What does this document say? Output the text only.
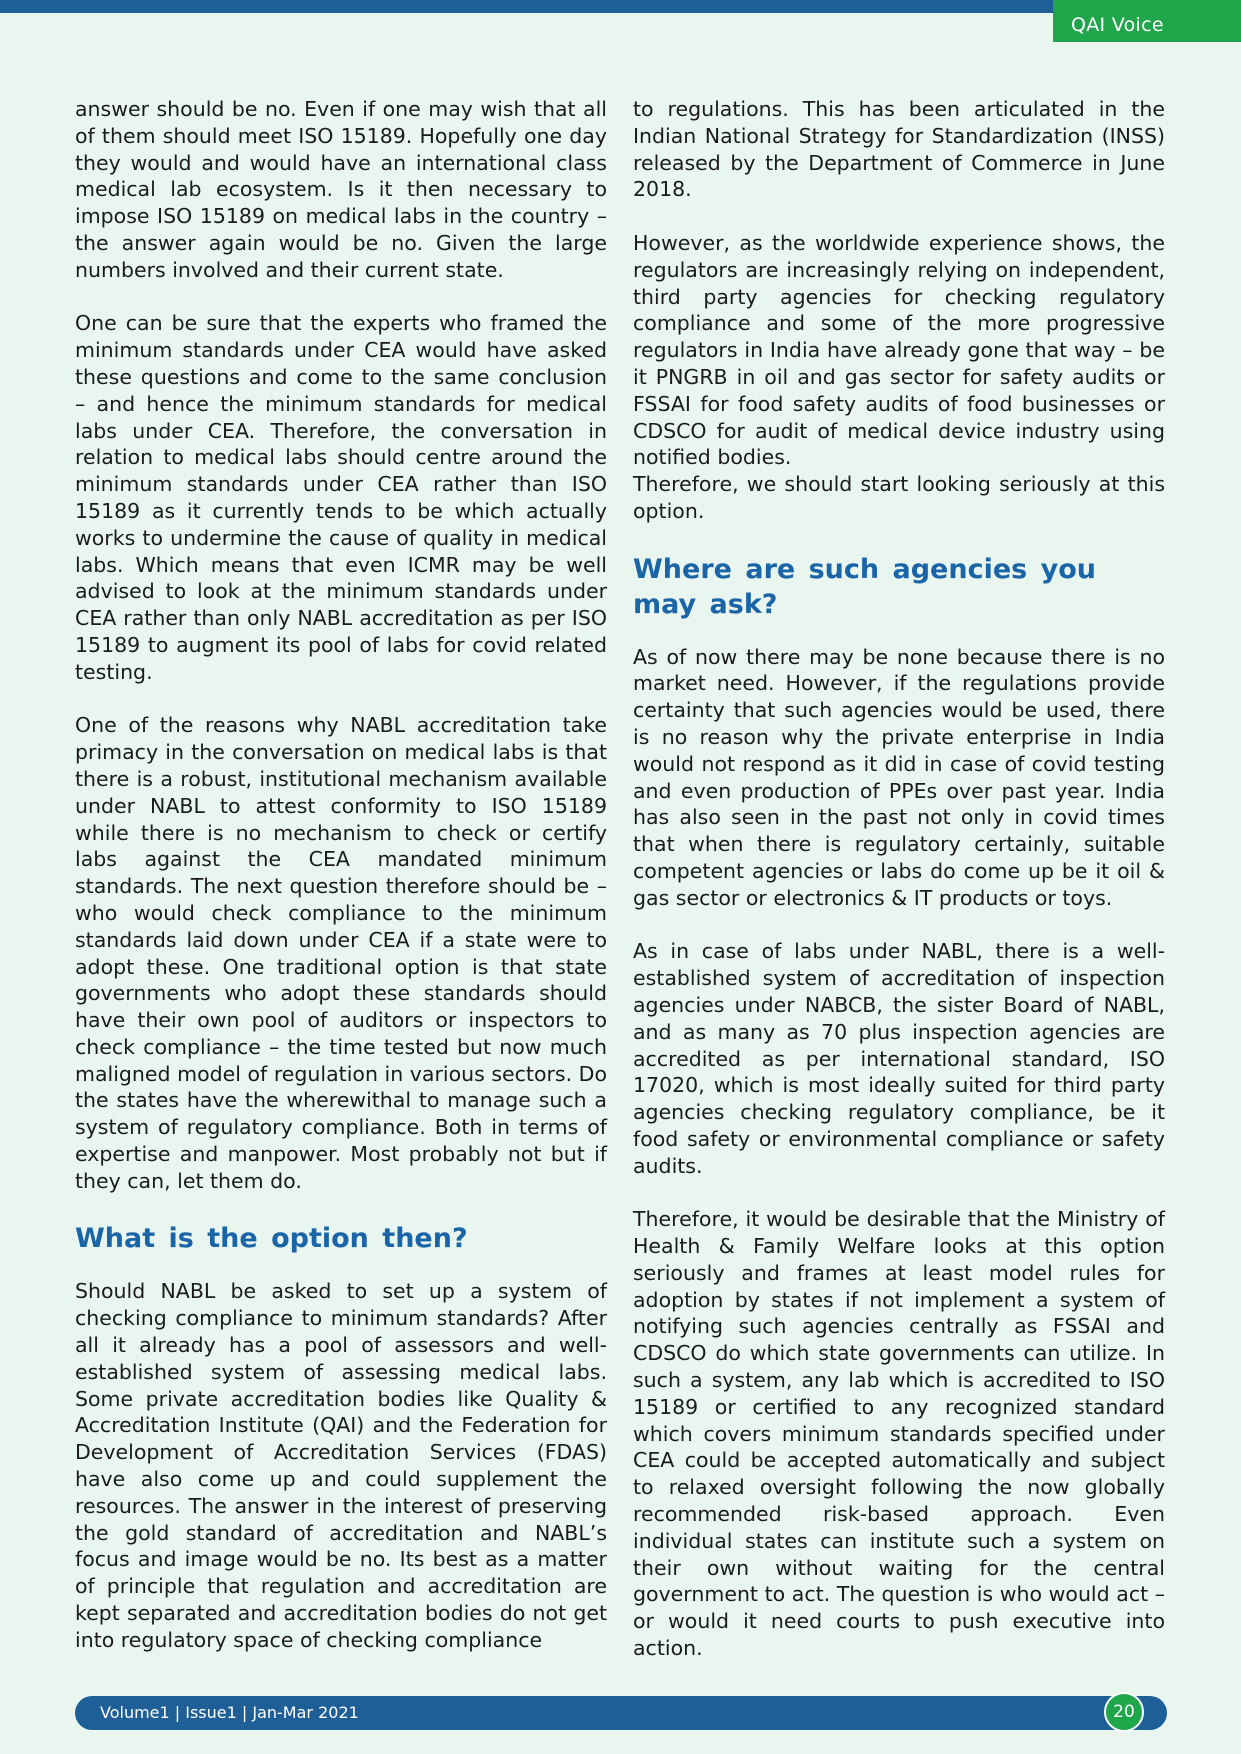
QAI Voice

answer should be no. Even if one may wish that all of them should meet ISO 15189. Hopefully one day they would and would have an international class medical lab ecosystem. Is it then necessary to impose ISO 15189 on medical labs in the country – the answer again would be no. Given the large numbers involved and their current state.

One can be sure that the experts who framed the minimum standards under CEA would have asked these questions and come to the same conclusion – and hence the minimum standards for medical labs under CEA. Therefore, the conversation in relation to medical labs should centre around the minimum standards under CEA rather than ISO 15189 as it currently tends to be which actually works to undermine the cause of quality in medical labs. Which means that even ICMR may be well advised to look at the minimum standards under CEA rather than only NABL accreditation as per ISO 15189 to augment its pool of labs for covid related testing.

One of the reasons why NABL accreditation take primacy in the conversation on medical labs is that there is a robust, institutional mechanism available under NABL to attest conformity to ISO 15189 while there is no mechanism to check or certify labs against the CEA mandated minimum standards. The next question therefore should be – who would check compliance to the minimum standards laid down under CEA if a state were to adopt these. One traditional option is that state governments who adopt these standards should have their own pool of auditors or inspectors to check compliance – the time tested but now much maligned model of regulation in various sectors. Do the states have the wherewithal to manage such a system of regulatory compliance. Both in terms of expertise and manpower. Most probably not but if they can, let them do.

What is the option then?

Should NABL be asked to set up a system of checking compliance to minimum standards? After all it already has a pool of assessors and well-established system of assessing medical labs. Some private accreditation bodies like Quality & Accreditation Institute (QAI) and the Federation for Development of Accreditation Services (FDAS) have also come up and could supplement the resources. The answer in the interest of preserving the gold standard of accreditation and NABL’s focus and image would be no. Its best as a matter of principle that regulation and accreditation are kept separated and accreditation bodies do not get into regulatory space of checking compliance

to regulations. This has been articulated in the Indian National Strategy for Standardization (INSS) released by the Department of Commerce in June 2018.

However, as the worldwide experience shows, the regulators are increasingly relying on independent, third party agencies for checking regulatory compliance and some of the more progressive regulators in India have already gone that way – be it PNGRB in oil and gas sector for safety audits or FSSAI for food safety audits of food businesses or CDSCO for audit of medical device industry using notified bodies.

Therefore, we should start looking seriously at this option.

Where are such agencies you may ask?

As of now there may be none because there is no market need. However, if the regulations provide certainty that such agencies would be used, there is no reason why the private enterprise in India would not respond as it did in case of covid testing and even production of PPEs over past year. India has also seen in the past not only in covid times that when there is regulatory certainly, suitable competent agencies or labs do come up be it oil & gas sector or electronics & IT products or toys.

As in case of labs under NABL, there is a well-established system of accreditation of inspection agencies under NABCB, the sister Board of NABL, and as many as 70 plus inspection agencies are accredited as per international standard, ISO 17020, which is most ideally suited for third party agencies checking regulatory compliance, be it food safety or environmental compliance or safety audits.

Therefore, it would be desirable that the Ministry of Health & Family Welfare looks at this option seriously and frames at least model rules for adoption by states if not implement a system of notifying such agencies centrally as FSSAI and CDSCO do which state governments can utilize. In such a system, any lab which is accredited to ISO 15189 or certified to any recognized standard which covers minimum standards specified under CEA could be accepted automatically and subject to relaxed oversight following the now globally recommended risk-based approach. Even individual states can institute such a system on their own without waiting for the central government to act. The question is who would act – or would it need courts to push executive into action.

Volume1 | Issue1 | Jan-Mar 2021	20
